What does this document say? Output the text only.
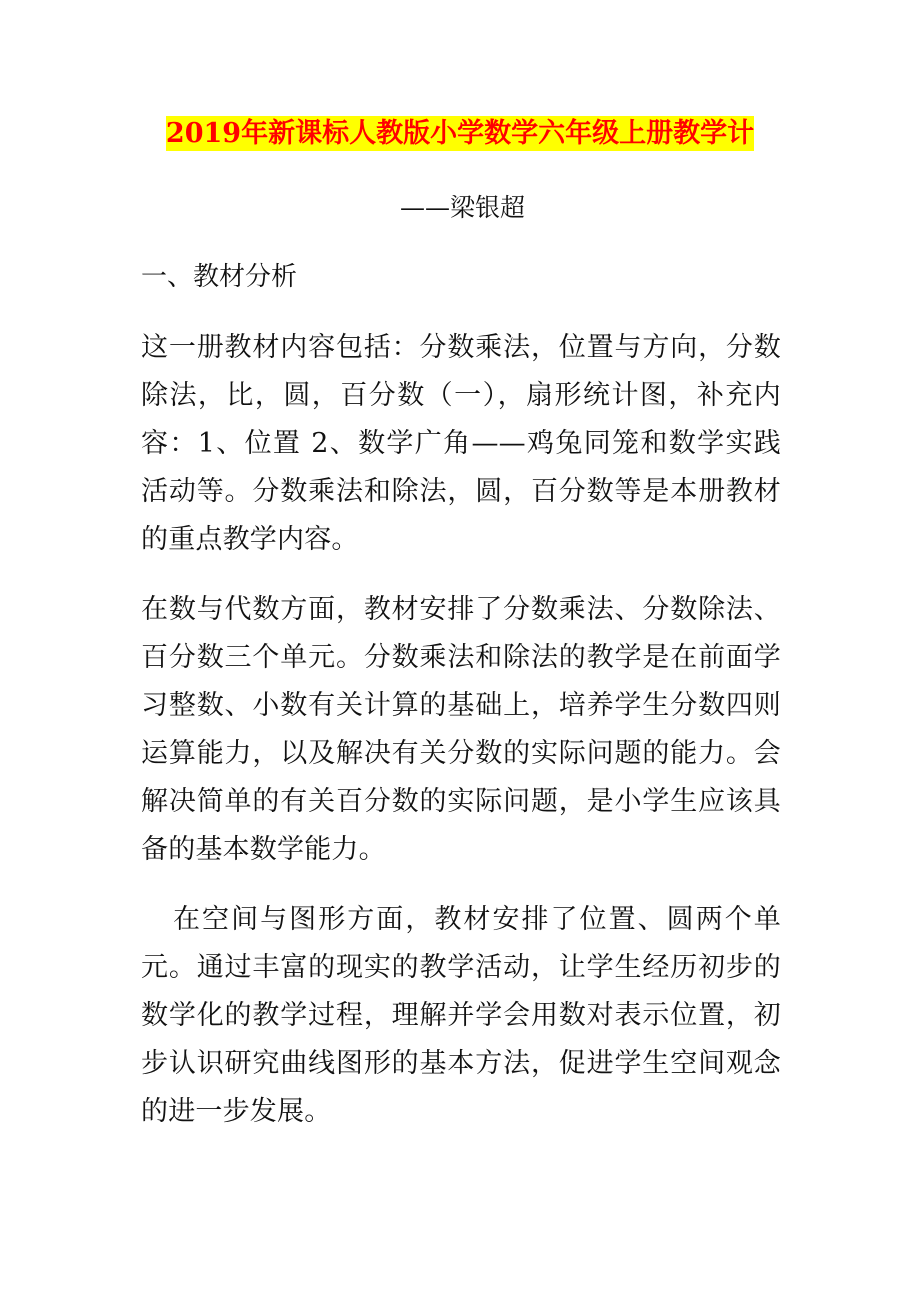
2019年新课标人教版小学数学六年级上册教学计
——梁银超
一、教材分析

这一册教材内容包括：分数乘法，位置与方向，分数除法，比，圆，百分数（一），扇形统计图，补充内容：1、位置 2、数学广角——鸡兔同笼和数学实践活动等。分数乘法和除法，圆，百分数等是本册教材的重点教学内容。

在数与代数方面，教材安排了分数乘法、分数除法、百分数三个单元。分数乘法和除法的教学是在前面学习整数、小数有关计算的基础上，培养学生分数四则运算能力，以及解决有关分数的实际问题的能力。会解决简单的有关百分数的实际问题，是小学生应该具备的基本数学能力。

在空间与图形方面，教材安排了位置、圆两个单元。通过丰富的现实的教学活动，让学生经历初步的数学化的教学过程，理解并学会用数对表示位置，初步认识研究曲线图形的基本方法，促进学生空间观念的进一步发展。
